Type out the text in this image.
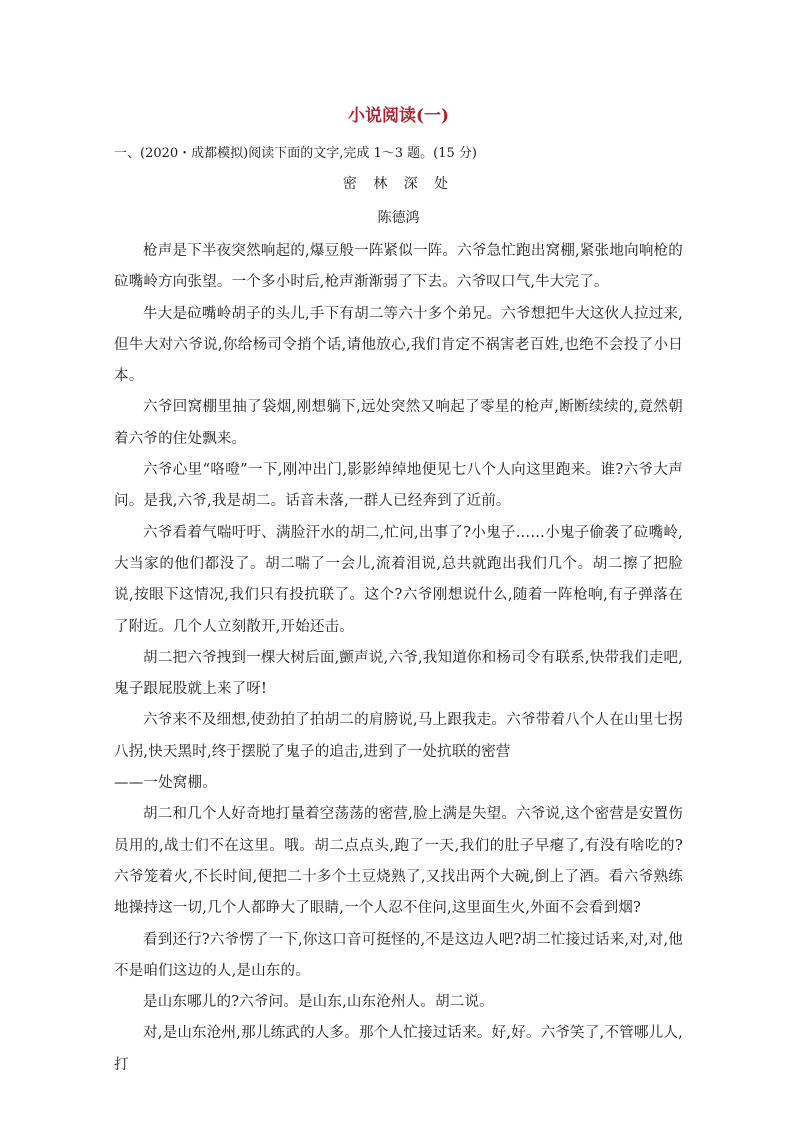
小说阅读(一)

一、(2020・成都模拟)阅读下面的文字,完成 1～3 题。(15 分)

密 林 深 处

陈德鸿

枪声是下半夜突然响起的,爆豆般一阵紧似一阵。六爷急忙跑出窝棚,紧张地向响枪的砬嘴岭方向张望。一个多小时后,枪声渐渐弱了下去。六爷叹口气,牛大完了。

牛大是砬嘴岭胡子的头儿,手下有胡二等六十多个弟兄。六爷想把牛大这伙人拉过来,但牛大对六爷说,你给杨司令捎个话,请他放心,我们肯定不祸害老百姓,也绝不会投了小日本。

六爷回窝棚里抽了袋烟,刚想躺下,远处突然又响起了零星的枪声,断断续续的,竟然朝着六爷的住处飘来。

六爷心里“咯噔”一下,刚冲出门,影影绰绰地便见七八个人向这里跑来。谁?六爷大声问。是我,六爷,我是胡二。话音未落,一群人已经奔到了近前。

六爷看着气喘吁吁、满脸汗水的胡二,忙问,出事了?小鬼子……小鬼子偷袭了砬嘴岭,大当家的他们都没了。胡二喘了一会儿,流着泪说,总共就跑出我们几个。胡二擦了把脸说,按眼下这情况,我们只有投抗联了。这个?六爷刚想说什么,随着一阵枪响,有子弹落在了附近。几个人立刻散开,开始还击。

胡二把六爷拽到一棵大树后面,颤声说,六爷,我知道你和杨司令有联系,快带我们走吧,鬼子跟屁股就上来了呀!

六爷来不及细想,使劲拍了拍胡二的肩膀说,马上跟我走。六爷带着八个人在山里七拐八拐,快天黑时,终于摆脱了鬼子的追击,进到了一处抗联的密营

——一处窝棚。

胡二和几个人好奇地打量着空荡荡的密营,脸上满是失望。六爷说,这个密营是安置伤员用的,战士们不在这里。哦。胡二点点头,跑了一天,我们的肚子早瘪了,有没有啥吃的?六爷笼着火,不长时间,便把二十多个土豆烧熟了,又找出两个大碗,倒上了酒。看六爷熟练地操持这一切,几个人都睁大了眼睛,一个人忍不住问,这里面生火,外面不会看到烟?

看到还行?六爷愣了一下,你这口音可挺怪的,不是这边人吧?胡二忙接过话来,对,对,他不是咱们这边的人,是山东的。

是山东哪儿的?六爷问。是山东,山东沧州人。胡二说。

对,是山东沧州,那儿练武的人多。那个人忙接过话来。好,好。六爷笑了,不管哪儿人,打
